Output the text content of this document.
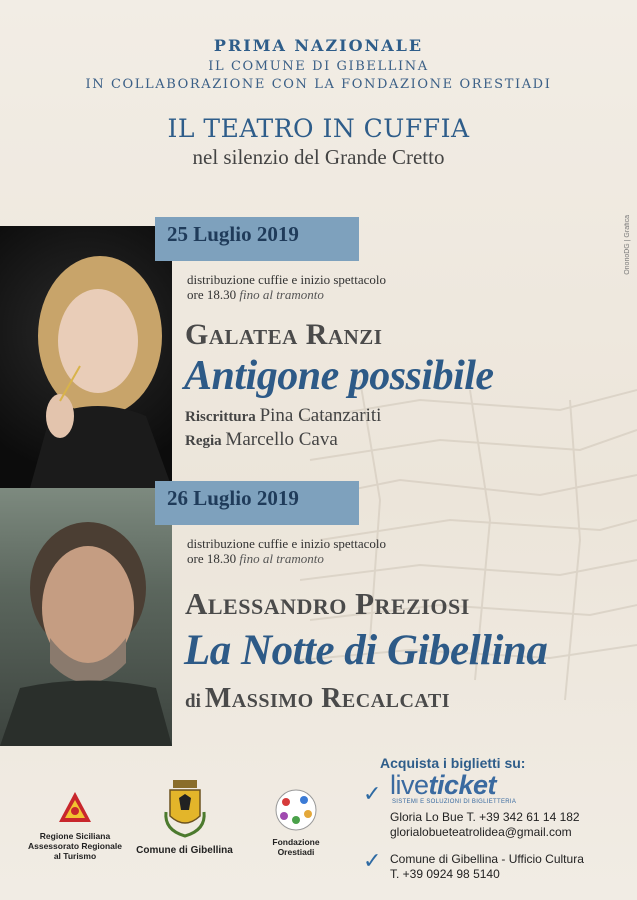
PRIMA NAZIONALE
IL COMUNE DI GIBELLINA
IN COLLABORAZIONE CON LA FONDAZIONE ORESTIADI
IL TEATRO IN CUFFIA
nel silenzio del Grande Cretto
OnorioDG | Grafica
25 Luglio 2019
distribuzione cuffie e inizio spettacolo
ore 18.30 fino al tramonto
Galatea Ranzi
Antigone possibile
Riscrittura Pina Catanzariti
Regia Marcello Cava
26 Luglio 2019
distribuzione cuffie e inizio spettacolo
ore 18.30 fino al tramonto
Alessandro Preziosi
La Notte di Gibellina
di Massimo Recalcati
Regione Siciliana
Assessorato Regionale
al Turismo	Comune di Gibellina
Fondazione
Orestiadi
Acquista i biglietti su:
✓ liveticket
SISTEMI E SOLUZIONI DI BIGLIETTERIA
Gloria Lo Bue T. +39 342 61 14 182
glorialobueteatrolidea@gmail.com
✓ Comune di Gibellina - Ufficio Cultura
T. +39 0924 98 5140
